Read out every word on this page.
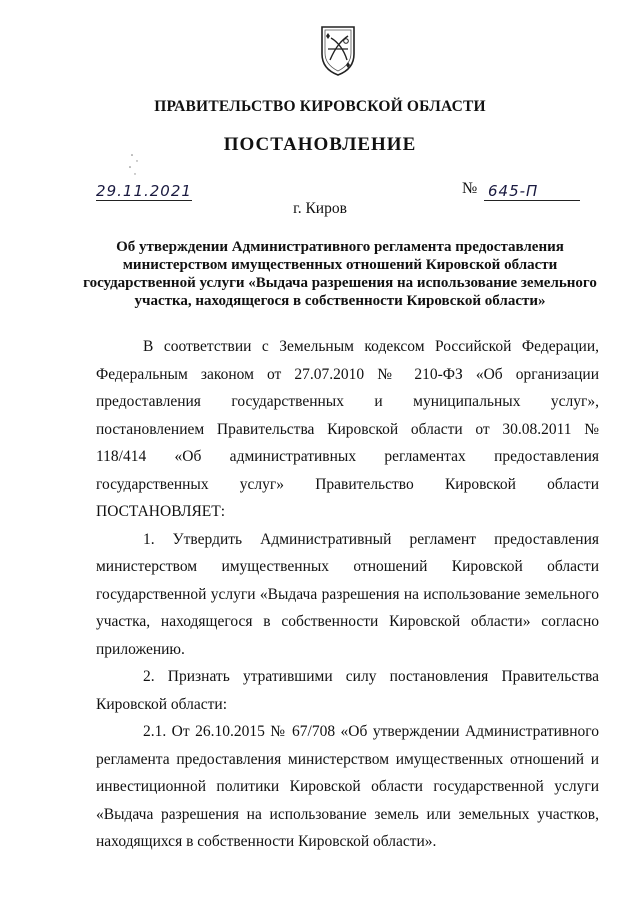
ПРАВИТЕЛЬСТВО КИРОВСКОЙ ОБЛАСТИ
ПОСТАНОВЛЕНИЕ
29.11.2021	№ 645-П
г. Киров
Об утверждении Административного регламента предоставления министерством имущественных отношений Кировской области государственной услуги «Выдача разрешения на использование земельного участка, находящегося в собственности Кировской области»

В соответствии с Земельным кодексом Российской Федерации, Федеральным законом от 27.07.2010 № 210-ФЗ «Об организации предоставления государственных и муниципальных услуг», постановлением Правительства Кировской области от 30.08.2011 № 118/414 «Об административных регламентах предоставления государственных услуг» Правительство Кировской области ПОСТАНОВЛЯЕТ:

1. Утвердить Административный регламент предоставления министерством имущественных отношений Кировской области государственной услуги «Выдача разрешения на использование земельного участка, находящегося в собственности Кировской области» согласно приложению.

2. Признать утратившими силу постановления Правительства Кировской области:

2.1. От 26.10.2015 № 67/708 «Об утверждении Административного регламента предоставления министерством имущественных отношений и инвестиционной политики Кировской области государственной услуги «Выдача разрешения на использование земель или земельных участков, находящихся в собственности Кировской области».
